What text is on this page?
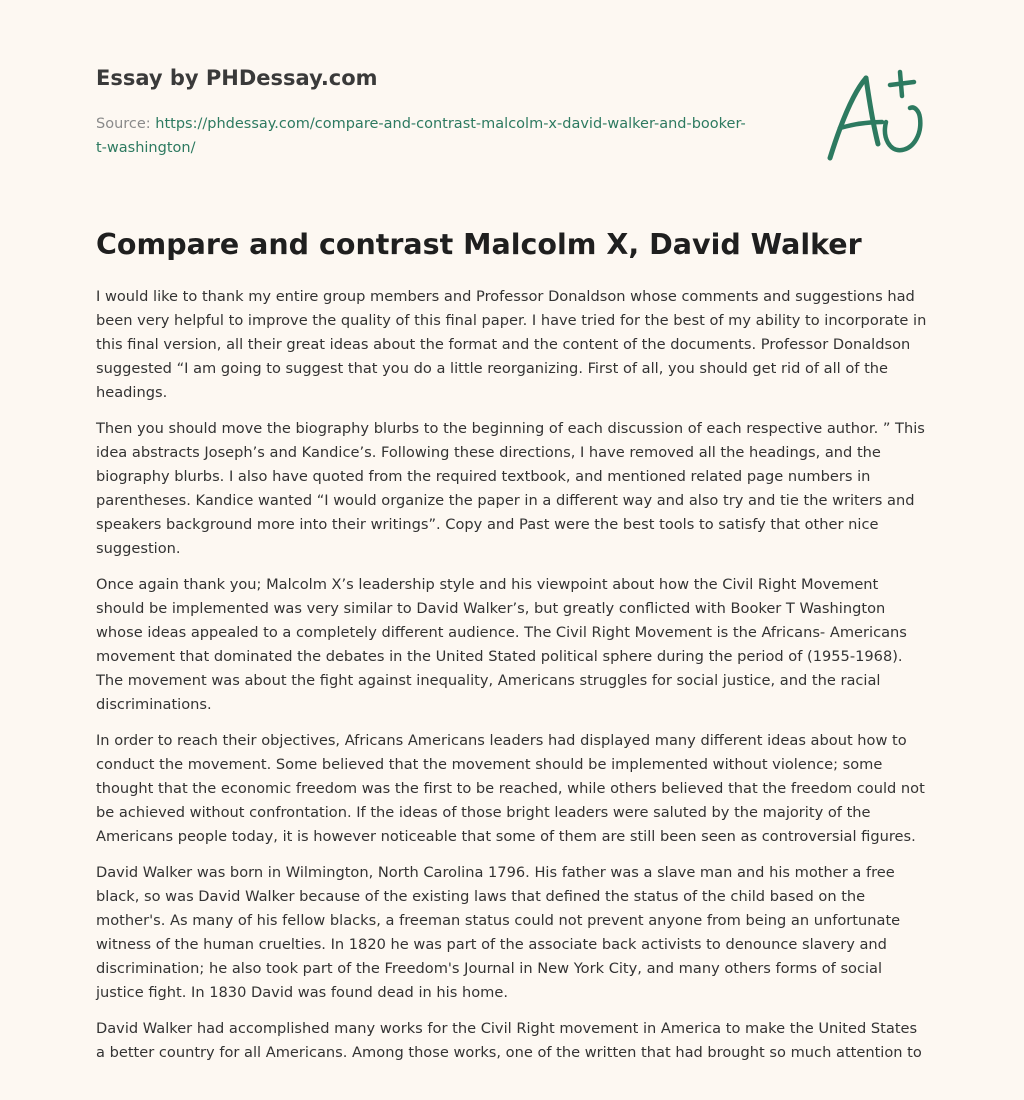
Essay by PHDessay.com
Source: https://phdessay.com/compare-and-contrast-malcolm-x-david-walker-and-booker-t-washington/
Compare and contrast Malcolm X, David Walker

I would like to thank my entire group members and Professor Donaldson whose comments and suggestions had been very helpful to improve the quality of this final paper. I have tried for the best of my ability to incorporate in this final version, all their great ideas about the format and the content of the documents. Professor Donaldson suggested “I am going to suggest that you do a little reorganizing. First of all, you should get rid of all of the headings.

Then you should move the biography blurbs to the beginning of each discussion of each respective author. ” This idea abstracts Joseph’s and Kandice’s. Following these directions, I have removed all the headings, and the biography blurbs. I also have quoted from the required textbook, and mentioned related page numbers in parentheses. Kandice wanted “I would organize the paper in a different way and also try and tie the writers and speakers background more into their writings”. Copy and Past were the best tools to satisfy that other nice suggestion.

Once again thank you; Malcolm X’s leadership style and his viewpoint about how the Civil Right Movement should be implemented was very similar to David Walker’s, but greatly conflicted with Booker T Washington whose ideas appealed to a completely different audience. The Civil Right Movement is the Africans- Americans movement that dominated the debates in the United Stated political sphere during the period of (1955-1968). The movement was about the fight against inequality, Americans struggles for social justice, and the racial discriminations.

In order to reach their objectives, Africans Americans leaders had displayed many different ideas about how to conduct the movement. Some believed that the movement should be implemented without violence; some thought that the economic freedom was the first to be reached, while others believed that the freedom could not be achieved without confrontation. If the ideas of those bright leaders were saluted by the majority of the Americans people today, it is however noticeable that some of them are still been seen as controversial figures.

David Walker was born in Wilmington, North Carolina 1796. His father was a slave man and his mother a free black, so was David Walker because of the existing laws that defined the status of the child based on the mother's. As many of his fellow blacks, a freeman status could not prevent anyone from being an unfortunate witness of the human cruelties. In 1820 he was part of the associate back activists to denounce slavery and discrimination; he also took part of the Freedom's Journal in New York City, and many others forms of social justice fight. In 1830 David was found dead in his home.

David Walker had accomplished many works for the Civil Right movement in America to make the United States a better country for all Americans. Among those works, one of the written that had brought so much attention to
